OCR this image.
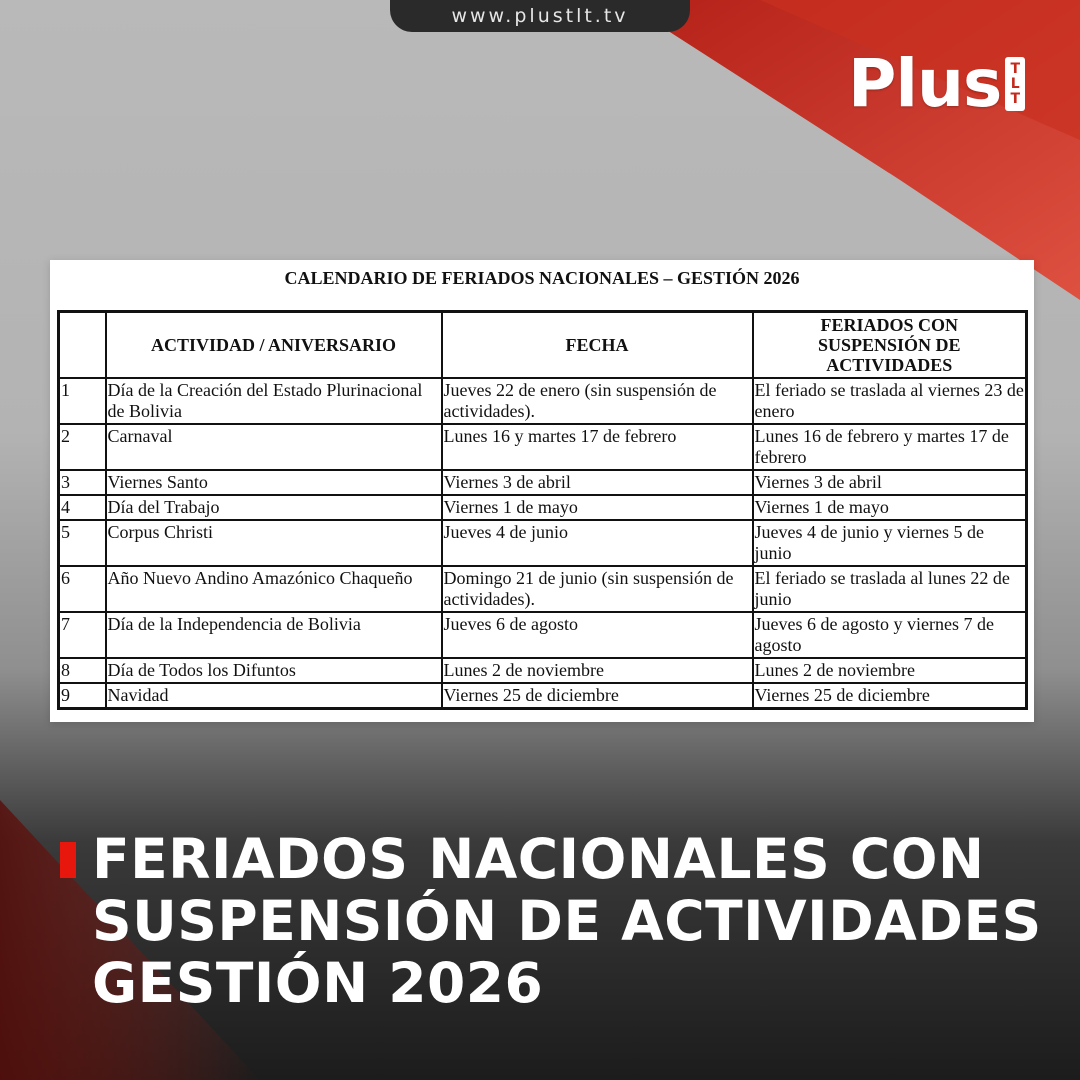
www.plustlt.tv
Plus T
L
T
CALENDARIO DE FERIADOS NACIONALES – GESTIÓN 2026
	ACTIVIDAD / ANIVERSARIO	FECHA	FERIADOS CON SUSPENSIÓN DE ACTIVIDADES
1	Día de la Creación del Estado Plurinacional de Bolivia	Jueves 22 de enero (sin suspensión de actividades).	El feriado se traslada al viernes 23 de enero
2	Carnaval	Lunes 16 y martes 17 de febrero	Lunes 16 de febrero y martes 17 de febrero
3	Viernes Santo	Viernes 3 de abril	Viernes 3 de abril
4	Día del Trabajo	Viernes 1 de mayo	Viernes 1 de mayo
5	Corpus Christi	Jueves 4 de junio	Jueves 4 de junio y viernes 5 de junio
6	Año Nuevo Andino Amazónico Chaqueño	Domingo 21 de junio (sin suspensión de actividades).	El feriado se traslada al lunes 22 de junio
7	Día de la Independencia de Bolivia	Jueves 6 de agosto	Jueves 6 de agosto y viernes 7 de agosto
8	Día de Todos los Difuntos	Lunes 2 de noviembre	Lunes 2 de noviembre
9	Navidad	Viernes 25 de diciembre	Viernes 25 de diciembre

FERIADOS NACIONALES CON
SUSPENSIÓN DE ACTIVIDADES
GESTIÓN 2026
